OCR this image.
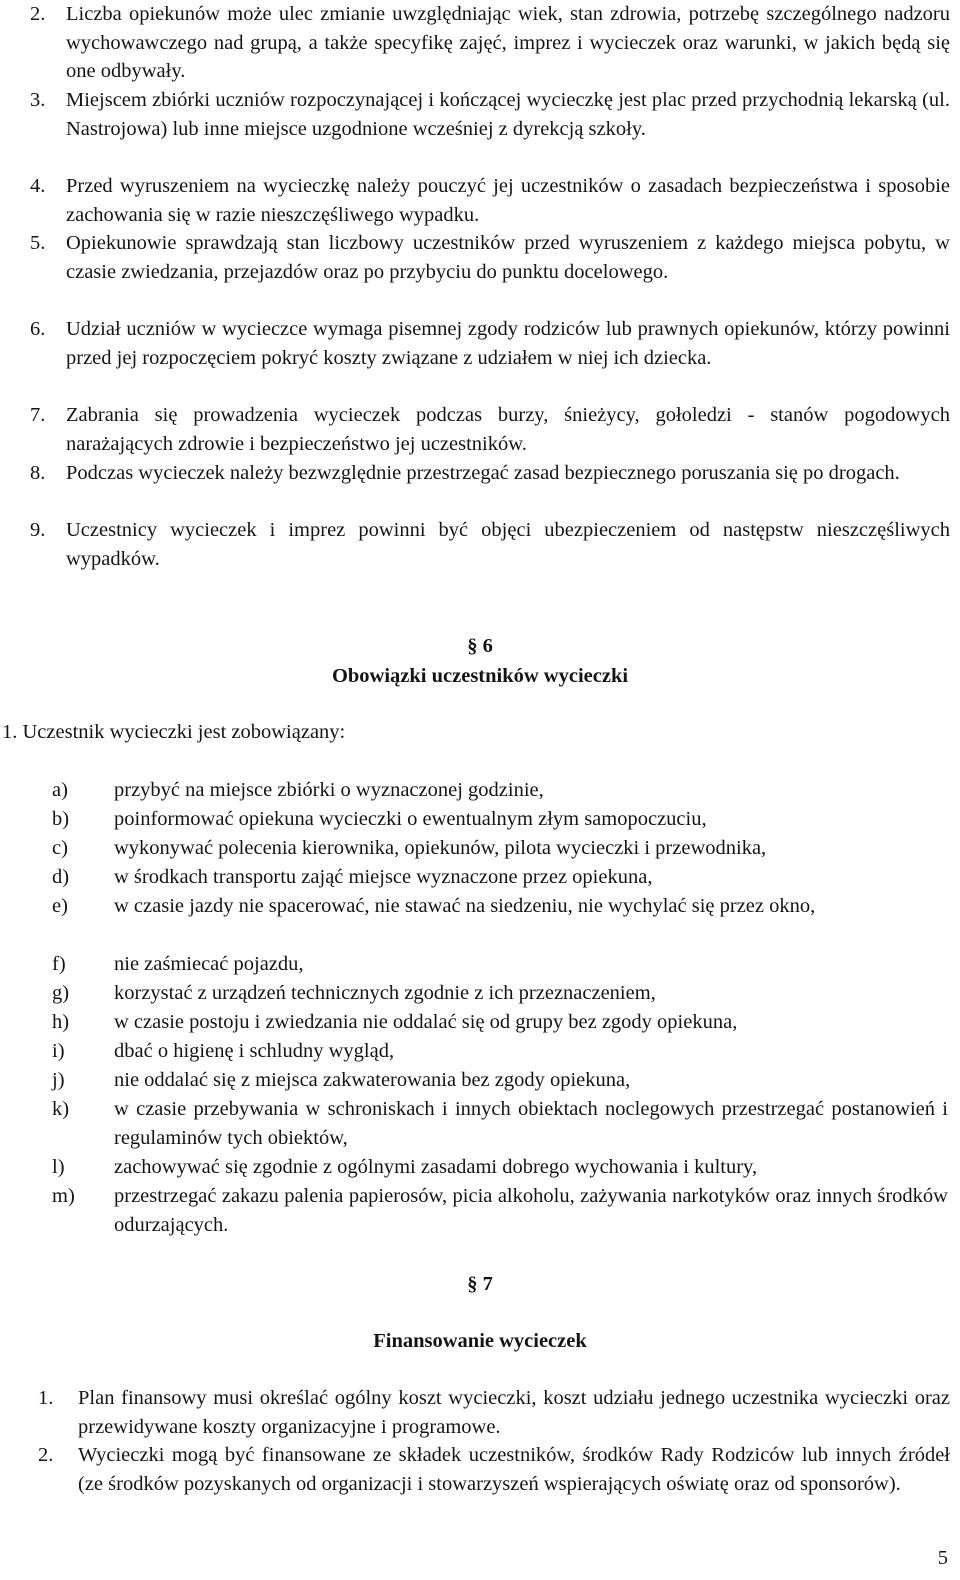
2. Liczba opiekunów może ulec zmianie uwzględniając wiek, stan zdrowia, potrzebę szczególnego nadzoru wychowawczego nad grupą, a także specyfikę zajęć, imprez i wycieczek oraz warunki, w jakich będą się one odbywały.
3. Miejscem zbiórki uczniów rozpoczynającej i kończącej wycieczkę jest plac przed przychodnią lekarską (ul. Nastrojowa) lub inne miejsce uzgodnione wcześniej z dyrekcją szkoły.
4. Przed wyruszeniem na wycieczkę należy pouczyć jej uczestników o zasadach bezpieczeństwa i sposobie zachowania się w razie nieszczęśliwego wypadku.
5. Opiekunowie sprawdzają stan liczbowy uczestników przed wyruszeniem z każdego miejsca pobytu, w czasie zwiedzania, przejazdów oraz po przybyciu do punktu docelowego.
6. Udział uczniów w wycieczce wymaga pisemnej zgody rodziców lub prawnych opiekunów, którzy powinni przed jej rozpoczęciem pokryć koszty związane z udziałem w niej ich dziecka.
7. Zabrania się prowadzenia wycieczek podczas burzy, śnieżycy, gołoledzi - stanów pogodowych narażających zdrowie i bezpieczeństwo jej uczestników.
8. Podczas wycieczek należy bezwzględnie przestrzegać zasad bezpiecznego poruszania się po drogach.
9. Uczestnicy wycieczek i imprez powinni być objęci ubezpieczeniem od następstw nieszczęśliwych wypadków.
§ 6
Obowiązki uczestników wycieczki
1. Uczestnik wycieczki jest zobowiązany:
a) przybyć na miejsce zbiórki o wyznaczonej godzinie,
b) poinformować opiekuna wycieczki o ewentualnym złym samopoczuciu,
c) wykonywać polecenia kierownika, opiekunów, pilota wycieczki i przewodnika,
d) w środkach transportu zająć miejsce wyznaczone przez opiekuna,
e) w czasie jazdy nie spacerować, nie stawać na siedzeniu, nie wychylać się przez okno,
f) nie zaśmiecać pojazdu,
g) korzystać z urządzeń technicznych zgodnie z ich przeznaczeniem,
h) w czasie postoju i zwiedzania nie oddalać się od grupy bez zgody opiekuna,
i) dbać o higienę i schludny wygląd,
j) nie oddalać się z miejsca zakwaterowania bez zgody opiekuna,
k) w czasie przebywania w schroniskach i innych obiektach noclegowych przestrzegać postanowień i regulaminów tych obiektów,
l) zachowywać się zgodnie z ogólnymi zasadami dobrego wychowania i kultury,
m) przestrzegać zakazu palenia papierosów, picia alkoholu, zażywania narkotyków oraz innych środków odurzających.
§ 7
Finansowanie wycieczek
1. Plan finansowy musi określać ogólny koszt wycieczki, koszt udziału jednego uczestnika wycieczki oraz przewidywane koszty organizacyjne i programowe.
2. Wycieczki mogą być finansowane ze składek uczestników, środków Rady Rodziców lub innych źródeł (ze środków pozyskanych od organizacji i stowarzyszeń wspierających oświatę oraz od sponsorów).
5
